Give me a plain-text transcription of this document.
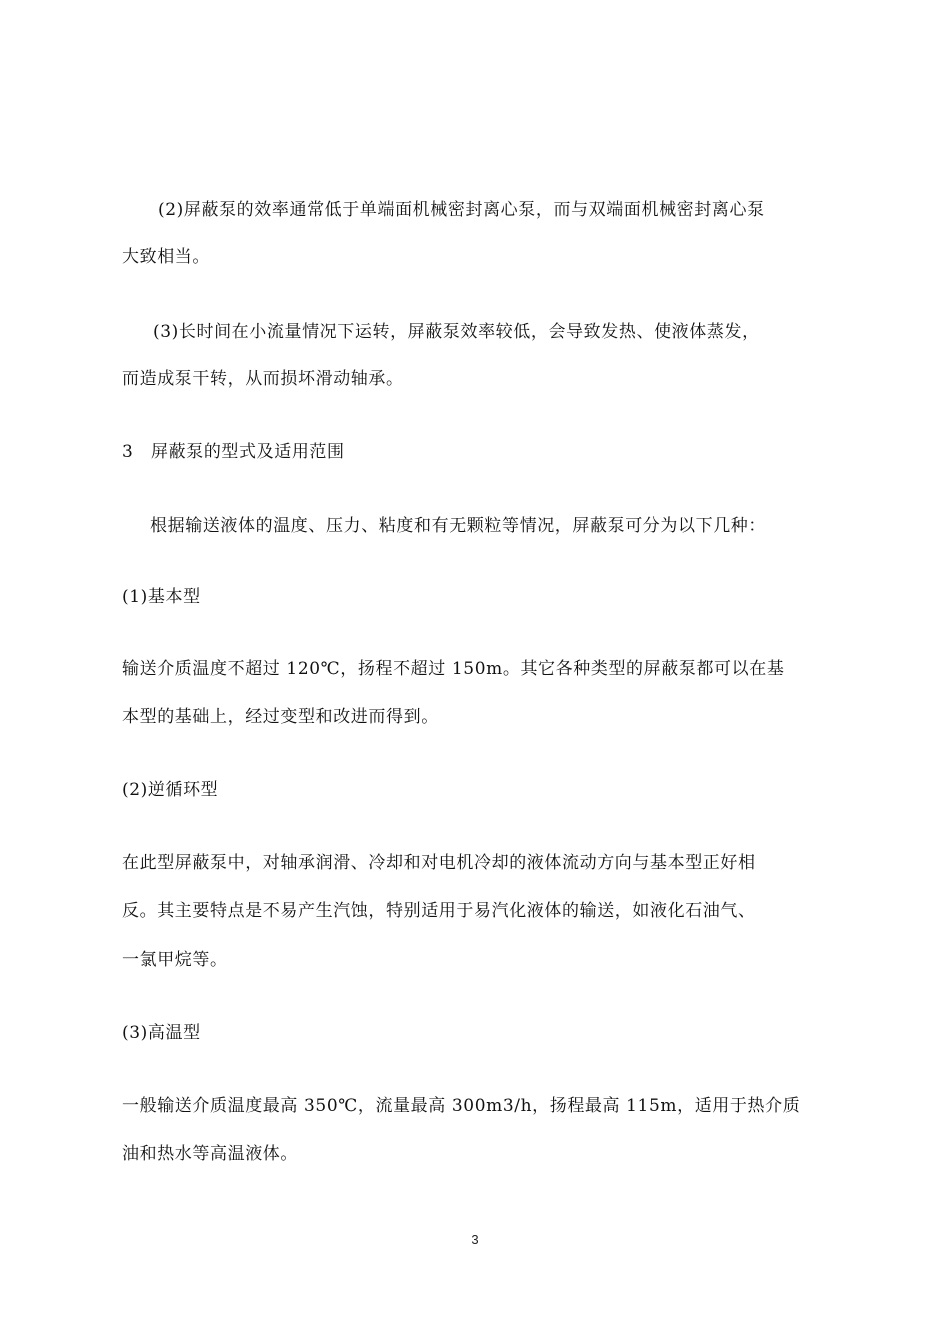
(2)屏蔽泵的效率通常低于单端面机械密封离心泵，而与双端面机械密封离心泵
大致相当。
(3)长时间在小流量情况下运转，屏蔽泵效率较低，会导致发热、使液体蒸发，
而造成泵干转，从而损坏滑动轴承。
3　屏蔽泵的型式及适用范围
根据输送液体的温度、压力、粘度和有无颗粒等情况，屏蔽泵可分为以下几种：
(1)基本型
输送介质温度不超过 120℃，扬程不超过 150m。其它各种类型的屏蔽泵都可以在基
本型的基础上，经过变型和改进而得到。
(2)逆循环型
在此型屏蔽泵中，对轴承润滑、冷却和对电机冷却的液体流动方向与基本型正好相
反。其主要特点是不易产生汽蚀，特别适用于易汽化液体的输送，如液化石油气、
一氯甲烷等。
(3)高温型
一般输送介质温度最高 350℃，流量最高 300m3/h，扬程最高 115m，适用于热介质
油和热水等高温液体。
3
